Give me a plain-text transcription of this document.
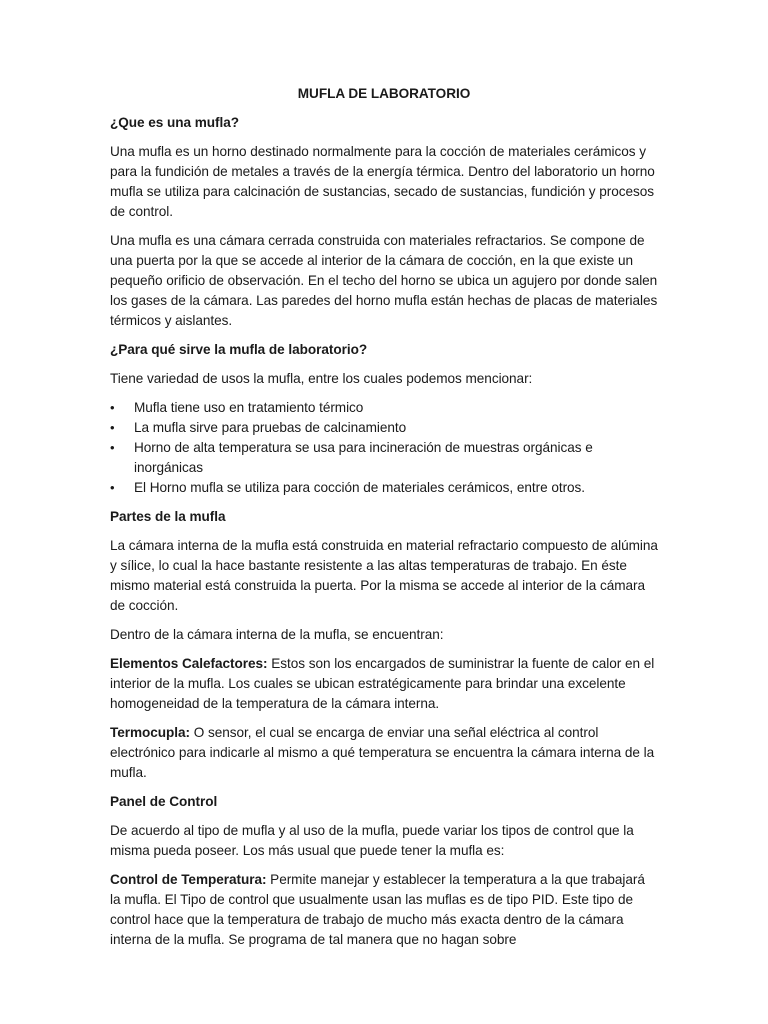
MUFLA DE LABORATORIO
¿Que es una mufla?

Una mufla es un horno destinado normalmente para la cocción de materiales cerámicos y para la fundición de metales a través de la energía térmica. Dentro del laboratorio un horno mufla se utiliza para calcinación de sustancias, secado de sustancias, fundición y procesos de control.

Una mufla es una cámara cerrada construida con materiales refractarios. Se compone de una puerta por la que se accede al interior de la cámara de cocción, en la que existe un pequeño orificio de observación. En el techo del horno se ubica un agujero por donde salen los gases de la cámara. Las paredes del horno mufla están hechas de placas de materiales térmicos y aislantes.

¿Para qué sirve la mufla de laboratorio?

Tiene variedad de usos la mufla, entre los cuales podemos mencionar:

• Mufla tiene uso en tratamiento térmico
• La mufla sirve para pruebas de calcinamiento
• Horno de alta temperatura se usa para incineración de muestras orgánicas e inorgánicas
• El Horno mufla se utiliza para cocción de materiales cerámicos, entre otros.
Partes de la mufla

La cámara interna de la mufla está construida en material refractario compuesto de alúmina y sílice, lo cual la hace bastante resistente a las altas temperaturas de trabajo. En éste mismo material está construida la puerta. Por la misma se accede al interior de la cámara de cocción.

Dentro de la cámara interna de la mufla, se encuentran:

Elementos Calefactores: Estos son los encargados de suministrar la fuente de calor en el interior de la mufla. Los cuales se ubican estratégicamente para brindar una excelente homogeneidad de la temperatura de la cámara interna.

Termocupla: O sensor, el cual se encarga de enviar una señal eléctrica al control electrónico para indicarle al mismo a qué temperatura se encuentra la cámara interna de la mufla.

Panel de Control

De acuerdo al tipo de mufla y al uso de la mufla, puede variar los tipos de control que la misma pueda poseer. Los más usual que puede tener la mufla es:

Control de Temperatura: Permite manejar y establecer la temperatura a la que trabajará la mufla. El Tipo de control que usualmente usan las muflas es de tipo PID. Este tipo de control hace que la temperatura de trabajo de mucho más exacta dentro de la cámara interna de la mufla. Se programa de tal manera que no hagan sobre
